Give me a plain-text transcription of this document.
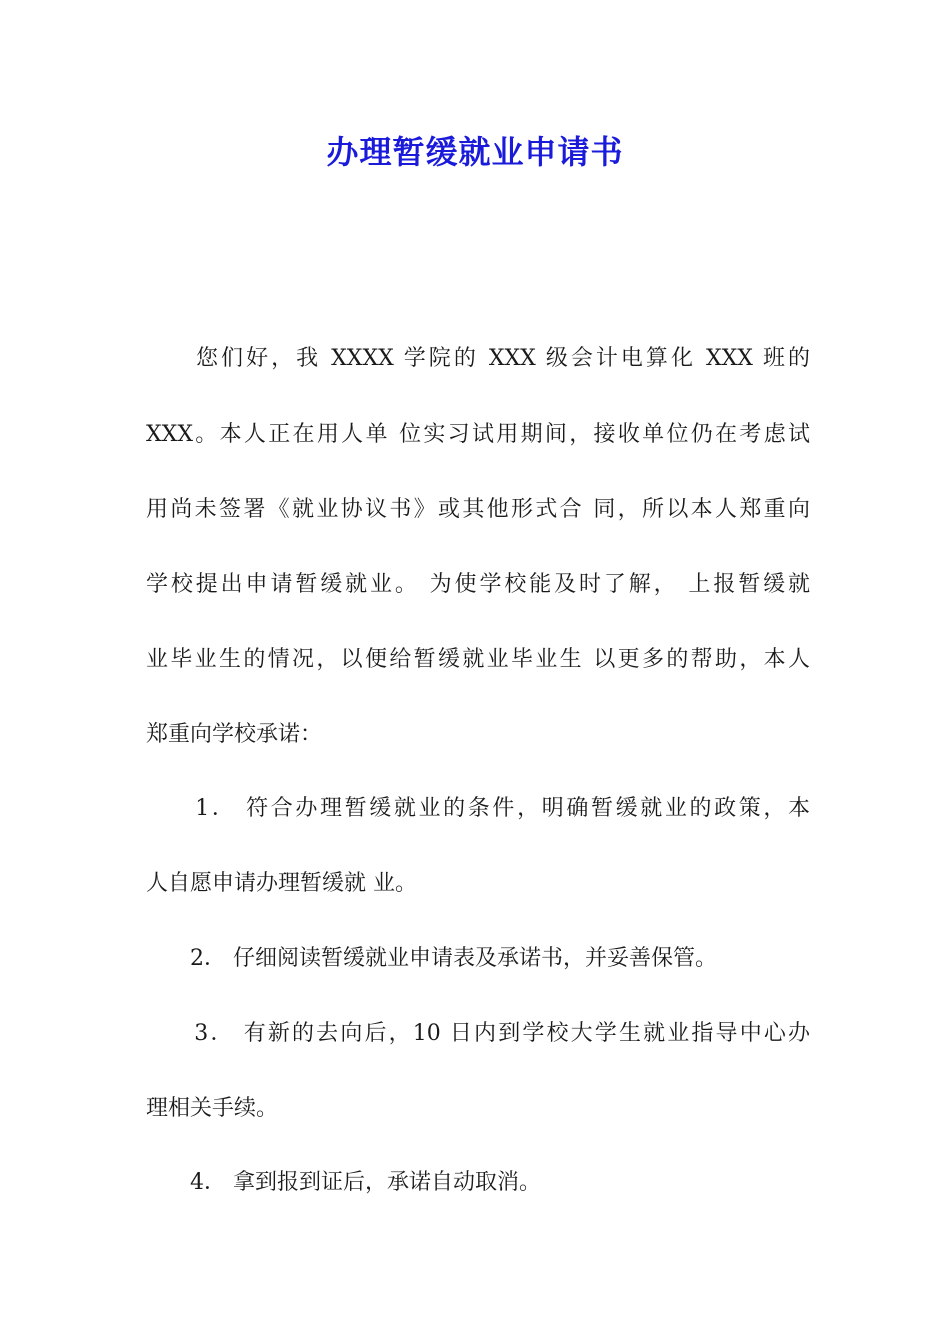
办理暂缓就业申请书
　　您们好，我 XXXX 学院的 XXX 级会计电算化 XXX 班的
XXX。本人正在用人单 位实习试用期间，接收单位仍在考虑试
用尚未签署《就业协议书》或其他形式合 同，所以本人郑重向
学校提出申请暂缓就业。 为使学校能及时了解， 上报暂缓就
业毕业生的情况，以便给暂缓就业毕业生 以更多的帮助，本人
郑重向学校承诺：
　　1． 符合办理暂缓就业的条件，明确暂缓就业的政策，本
人自愿申请办理暂缓就 业。
　　2． 仔细阅读暂缓就业申请表及承诺书，并妥善保管。
　　3． 有新的去向后，10 日内到学校大学生就业指导中心办
理相关手续。
　　4． 拿到报到证后，承诺自动取消。
